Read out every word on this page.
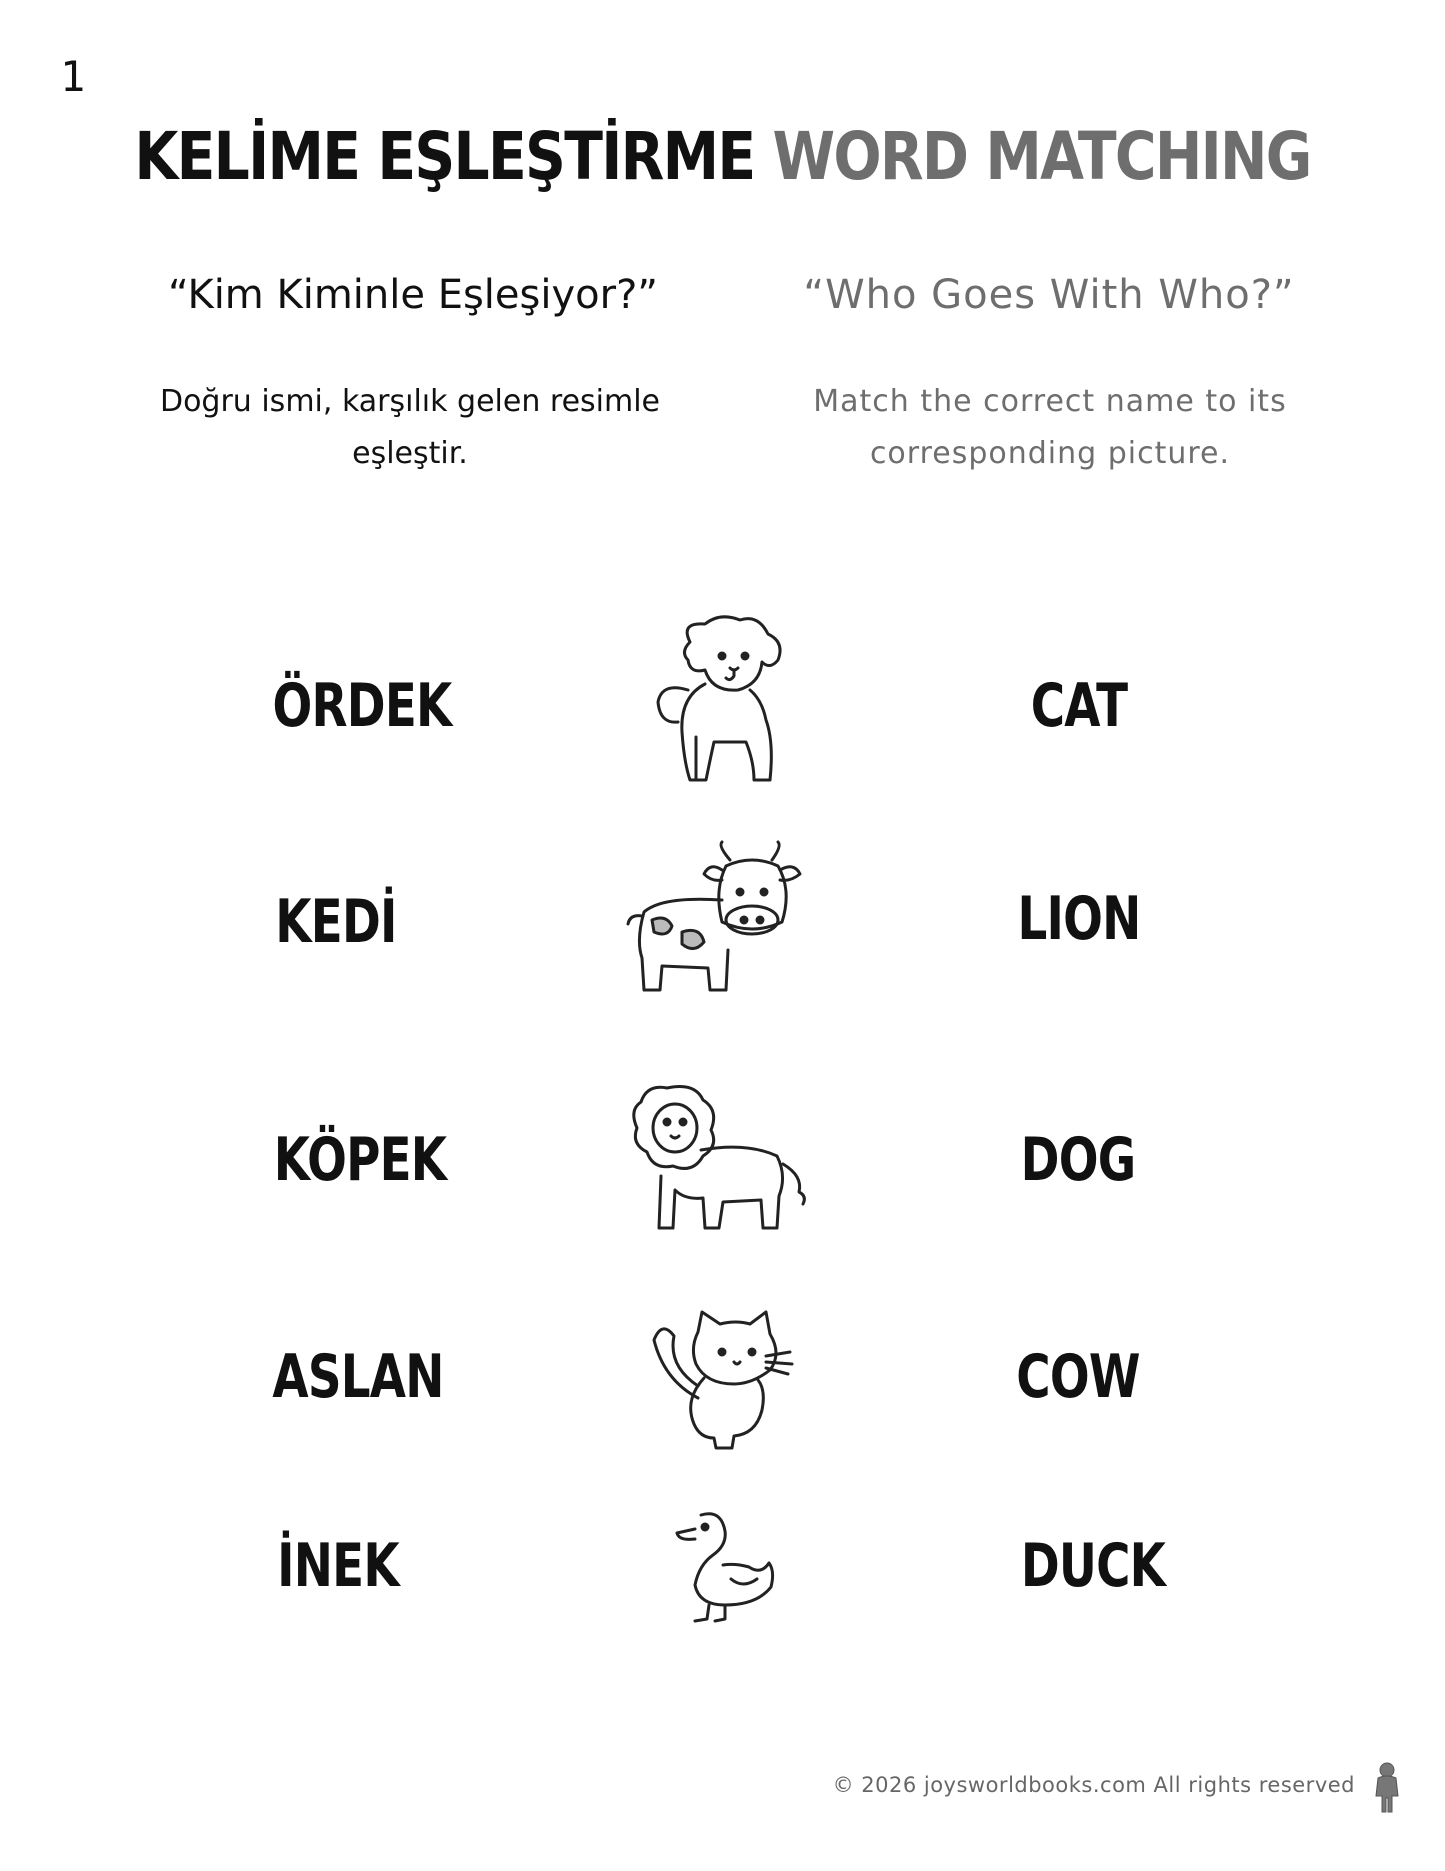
1
KELİME EŞLEŞTİRME WORD MATCHING
“Kim Kiminle Eşleşiyor?”	“Who Goes With Who?”
Doğru ismi, karşılık gelen resimle
eşleştir.
Match the correct name to its
corresponding picture.
ÖRDEK
KEDİ
KÖPEK
ASLAN
İNEK
CAT
LION
DOG
COW
DUCK
© 2026 joysworldbooks.com All rights reserved
